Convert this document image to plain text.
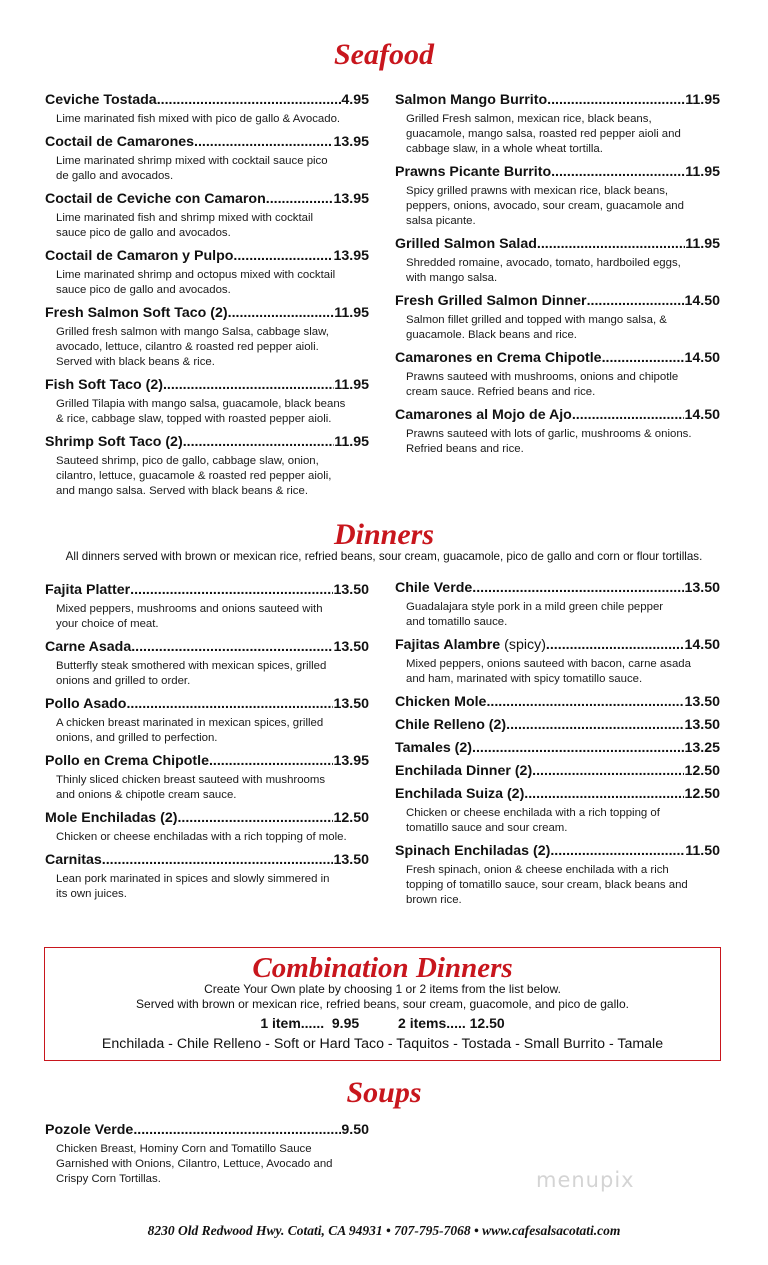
Seafood
Ceviche Tostada .....	4.95
Lime marinated fish mixed with pico de gallo & Avocado.
Coctail de Camarones .....	13.95
Lime marinated shrimp mixed with cocktail sauce pico
de gallo and avocados.
Coctail de Ceviche con Camaron .....	13.95
Lime marinated fish and shrimp mixed with cocktail
sauce pico de gallo and avocados.
Coctail de Camaron y Pulpo .....	13.95
Lime marinated shrimp and octopus mixed with cocktail
sauce pico de gallo and avocados.
Fresh Salmon Soft Taco (2) .....	11.95
Grilled fresh salmon with mango Salsa, cabbage slaw,
avocado, lettuce, cilantro & roasted red pepper aioli.
Served with black beans & rice.
Fish Soft Taco (2) .....	11.95
Grilled Tilapia with mango salsa, guacamole, black beans
& rice, cabbage slaw, topped with roasted pepper aioli.
Shrimp Soft Taco (2) .....	11.95
Sauteed shrimp, pico de gallo, cabbage slaw, onion,
cilantro, lettuce, guacamole & roasted red pepper aioli,
and mango salsa. Served with black beans & rice.
Salmon Mango Burrito .....	11.95
Grilled Fresh salmon, mexican rice, black beans,
guacamole, mango salsa, roasted red pepper aioli and
cabbage slaw, in a whole wheat tortilla.
Prawns Picante Burrito .....	11.95
Spicy grilled prawns with mexican rice, black beans,
peppers, onions, avocado, sour cream, guacamole and
salsa picante.
Grilled Salmon Salad .....	11.95
Shredded romaine, avocado, tomato, hardboiled eggs,
with mango salsa.
Fresh Grilled Salmon Dinner .....	14.50
Salmon fillet grilled and topped with mango salsa, &
guacamole. Black beans and rice.
Camarones en Crema Chipotle .....	14.50
Prawns sauteed with mushrooms, onions and chipotle
cream sauce. Refried beans and rice.
Camarones al Mojo de Ajo .....	14.50
Prawns sauteed with lots of garlic, mushrooms & onions.
Refried beans and rice.
Dinners

All dinners served with brown or mexican rice, refried beans, sour cream, guacamole, pico de gallo and corn or flour tortillas.

Fajita Platter .....	13.50
Mixed peppers, mushrooms and onions sauteed with
your choice of meat.
Carne Asada .....	13.50
Butterfly steak smothered with mexican spices, grilled
onions and grilled to order.
Pollo Asado .....	13.50
A chicken breast marinated in mexican spices, grilled
onions, and grilled to perfection.
Pollo en Crema Chipotle .....	13.95
Thinly sliced chicken breast sauteed with mushrooms
and onions & chipotle cream sauce.
Mole Enchiladas (2) .....	12.50
Chicken or cheese enchiladas with a rich topping of mole.
Carnitas .....	13.50
Lean pork marinated in spices and slowly simmered in
its own juices.
Chile Verde .....	13.50
Guadalajara style pork in a mild green chile pepper
and tomatillo sauce.
Fajitas Alambre (spicy) .....	14.50
Mixed peppers, onions sauteed with bacon, carne asada
and ham, marinated with spicy tomatillo sauce.
Chicken Mole .....	13.50
Chile Relleno (2) .....	13.50
Tamales (2) .....	13.25
Enchilada Dinner (2) .....	12.50
Enchilada Suiza (2) .....	12.50
Chicken or cheese enchilada with a rich topping of
tomatillo sauce and sour cream.
Spinach Enchiladas (2) .....	11.50
Fresh spinach, onion & cheese enchilada with a rich
topping of tomatillo sauce, sour cream, black beans and
brown rice.

Combination Dinners

Create Your Own plate by choosing 1 or 2 items from the list below.

Served with brown or mexican rice, refried beans, sour cream, guacomole, and pico de gallo.

1 item......  9.95	2 items..... 12.50

Enchilada - Chile Relleno - Soft or Hard Taco - Taquitos - Tostada - Small Burrito - Tamale

Soups
Pozole Verde .....	9.50
Chicken Breast, Hominy Corn and Tomatillo Sauce
Garnished with Onions, Cilantro, Lettuce, Avocado and
Crispy Corn Tortillas.	menupix
8230 Old Redwood Hwy. Cotati, CA 94931 • 707-795-7068 • www.cafesalsacotati.com
